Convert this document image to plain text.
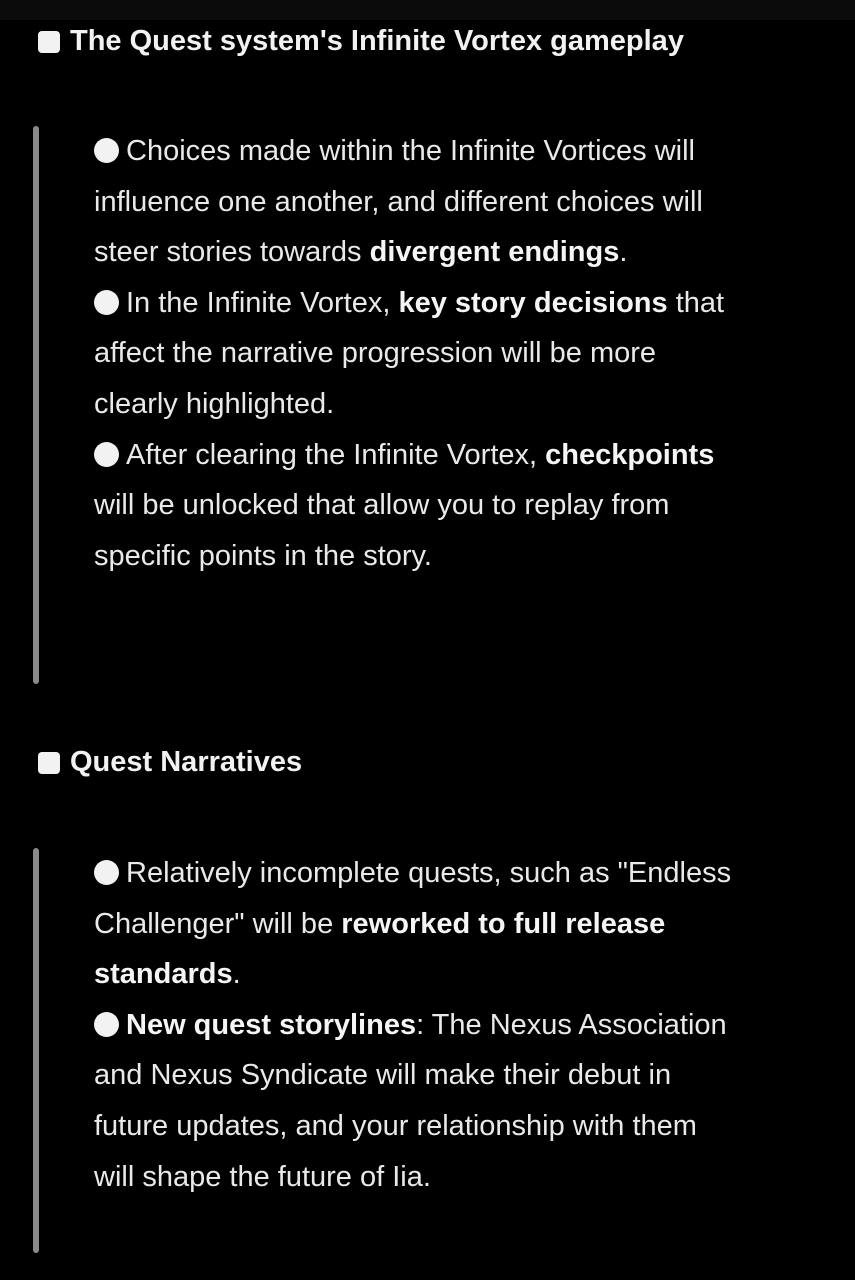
The Quest system's Infinite Vortex gameplay

Choices made within the Infinite Vortices will influence one another, and different choices will steer stories towards divergent endings.

In the Infinite Vortex, key story decisions that affect the narrative progression will be more clearly highlighted.

After clearing the Infinite Vortex, checkpoints will be unlocked that allow you to replay from specific points in the story.

Quest Narratives

Relatively incomplete quests, such as "Endless Challenger" will be reworked to full release standards.

New quest storylines: The Nexus Association and Nexus Syndicate will make their debut in future updates, and your relationship with them will shape the future of Iia.
